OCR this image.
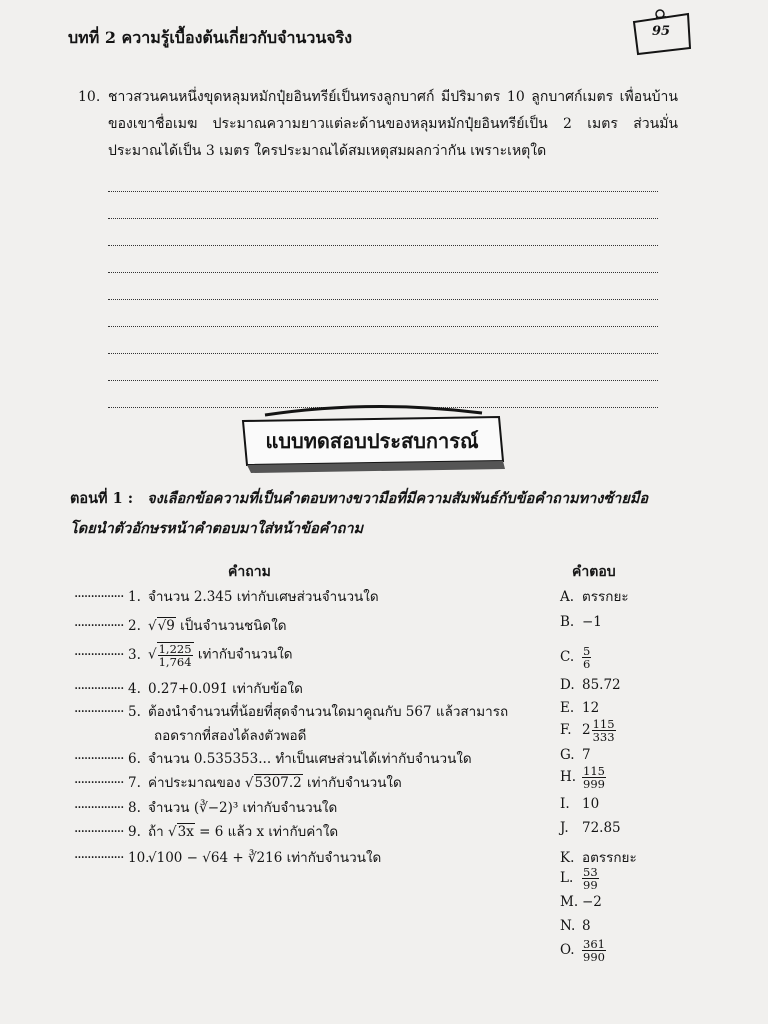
บทที่ 2 ความรู้เบื้องต้นเกี่ยวกับจำนวนจริง	95
10. ชาวสวนคนหนึ่งขุดหลุมหมักปุ๋ยอินทรีย์เป็นทรงลูกบาศก์ มีปริมาตร 10 ลูกบาศก์เมตร เพื่อนบ้านของเขาชื่อเมฆ ประมาณความยาวแต่ละด้านของหลุมหมักปุ๋ยอินทรีย์เป็น 2 เมตร ส่วนมั่นประมาณได้เป็น 3 เมตร ใครประมาณได้สมเหตุสมผลกว่ากัน เพราะเหตุใด
แบบทดสอบประสบการณ์
ตอนที่ 1 : จงเลือกข้อความที่เป็นคำตอบทางขวามือที่มีความสัมพันธ์กับข้อคำถามทางซ้ายมือ โดยนำตัวอักษรหน้าคำตอบมาใส่หน้าข้อคำถาม
คำถาม	คำตอบ
............... 1. จำนวน 2.3̇45̇ เท่ากับเศษส่วนจำนวนใด
............... 2. √√9 เป็นจำนวนชนิดใด
............... 3. √ $\frac{1,225}{1,764}$ เท่ากับจำนวนใด
............... 4. 0.2̇7̇+0.09̇1̇ เท่ากับข้อใด
............... 5. ต้องนำจำนวนที่น้อยที่สุดจำนวนใดมาคูณกับ 567 แล้วสามารถ
ถอดรากที่สองได้ลงตัวพอดี
............... 6. จำนวน 0.535353... ทำเป็นเศษส่วนได้เท่ากับจำนวนใด
............... 7. ค่าประมาณของ √5307.2 เท่ากับจำนวนใด
............... 8. จำนวน (∛−2)³ เท่ากับจำนวนใด
............... 9. ถ้า √3x = 6 แล้ว x เท่ากับค่าใด
............... 10.√100 − √64 + ∛216 เท่ากับจำนวนใด
A. ตรรกยะ
B. −1
C. $\frac{5}{6}$
D. 85.72
E. 12
F. $2 \frac{115}{333}$
G. 7
H. $\frac{115}{999}$
I. 10
J. 72.85
K. อตรรกยะ
L. $\frac{53}{99}$
M. −2
N. 8
O. $\frac{361}{990}$
